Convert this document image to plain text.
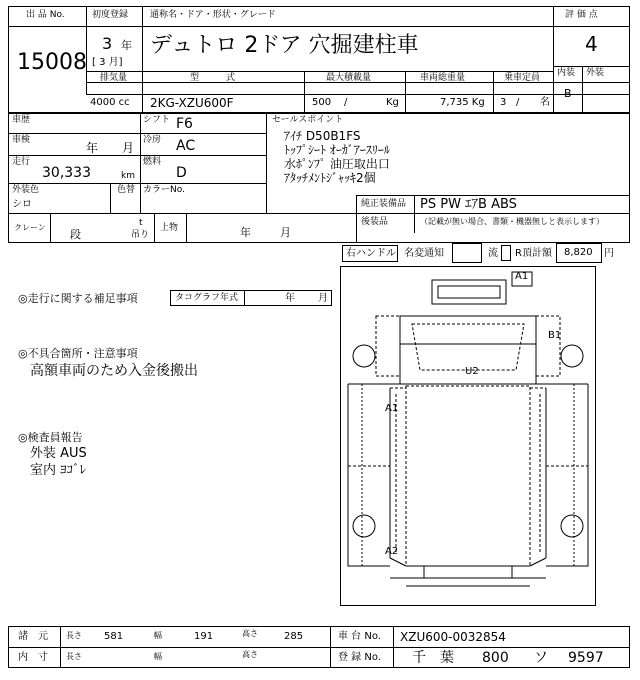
出 品 No.
15008
初度登録
3 年
[ 3 月]
通称名・ドア・形状・グレード
デュトロ 2ドア 穴掘建柱車
評 価 点
4
内装 外装
B
排気量
4000 cc
型　　　式
2KG-XZU600F
最大積載量
500 /	Kg
車両総重量
7,735 Kg
乗車定員
3 / 名
車歴
車検
年 月
走行
30,333	km
シフト F6
冷房 AC
燃料
D
外装色
シロ
色替 カラーNo.
セールスポイント
ｱｲﾁ D50B1FS
ﾄｯﾌﾟｼｰﾄ ｵｰｶﾞｱｰｽﾘｰﾙ
水ﾎﾟﾝﾌﾟ 油圧取出口
ｱﾀｯﾁﾒﾝﾄｼﾞｬｯｷ2個
純正装備品 PS PW ｴｱB ABS
後装品	（記載が無い場合、書類・機器無しと表示します）
クレーン
段
t
吊り
上物	年	月
右ハンドル 名変通知	流 R頂計額 8,820 円
◎走行に関する補足事項	タコグラフ年式	年 月
◎不具合箇所・注意事項
高額車両のため入金後搬出
◎検査員報告
外装 AUS
室内 ﾖｺﾞﾚ
A1
B1
U2
A1
A2
諸　元 長さ 581	幅	191	高さ	285	車 台 No. XZU600-0032854
内　寸 長さ	幅	高さ	登 録 No. 千　葉 800 ソ 9597
